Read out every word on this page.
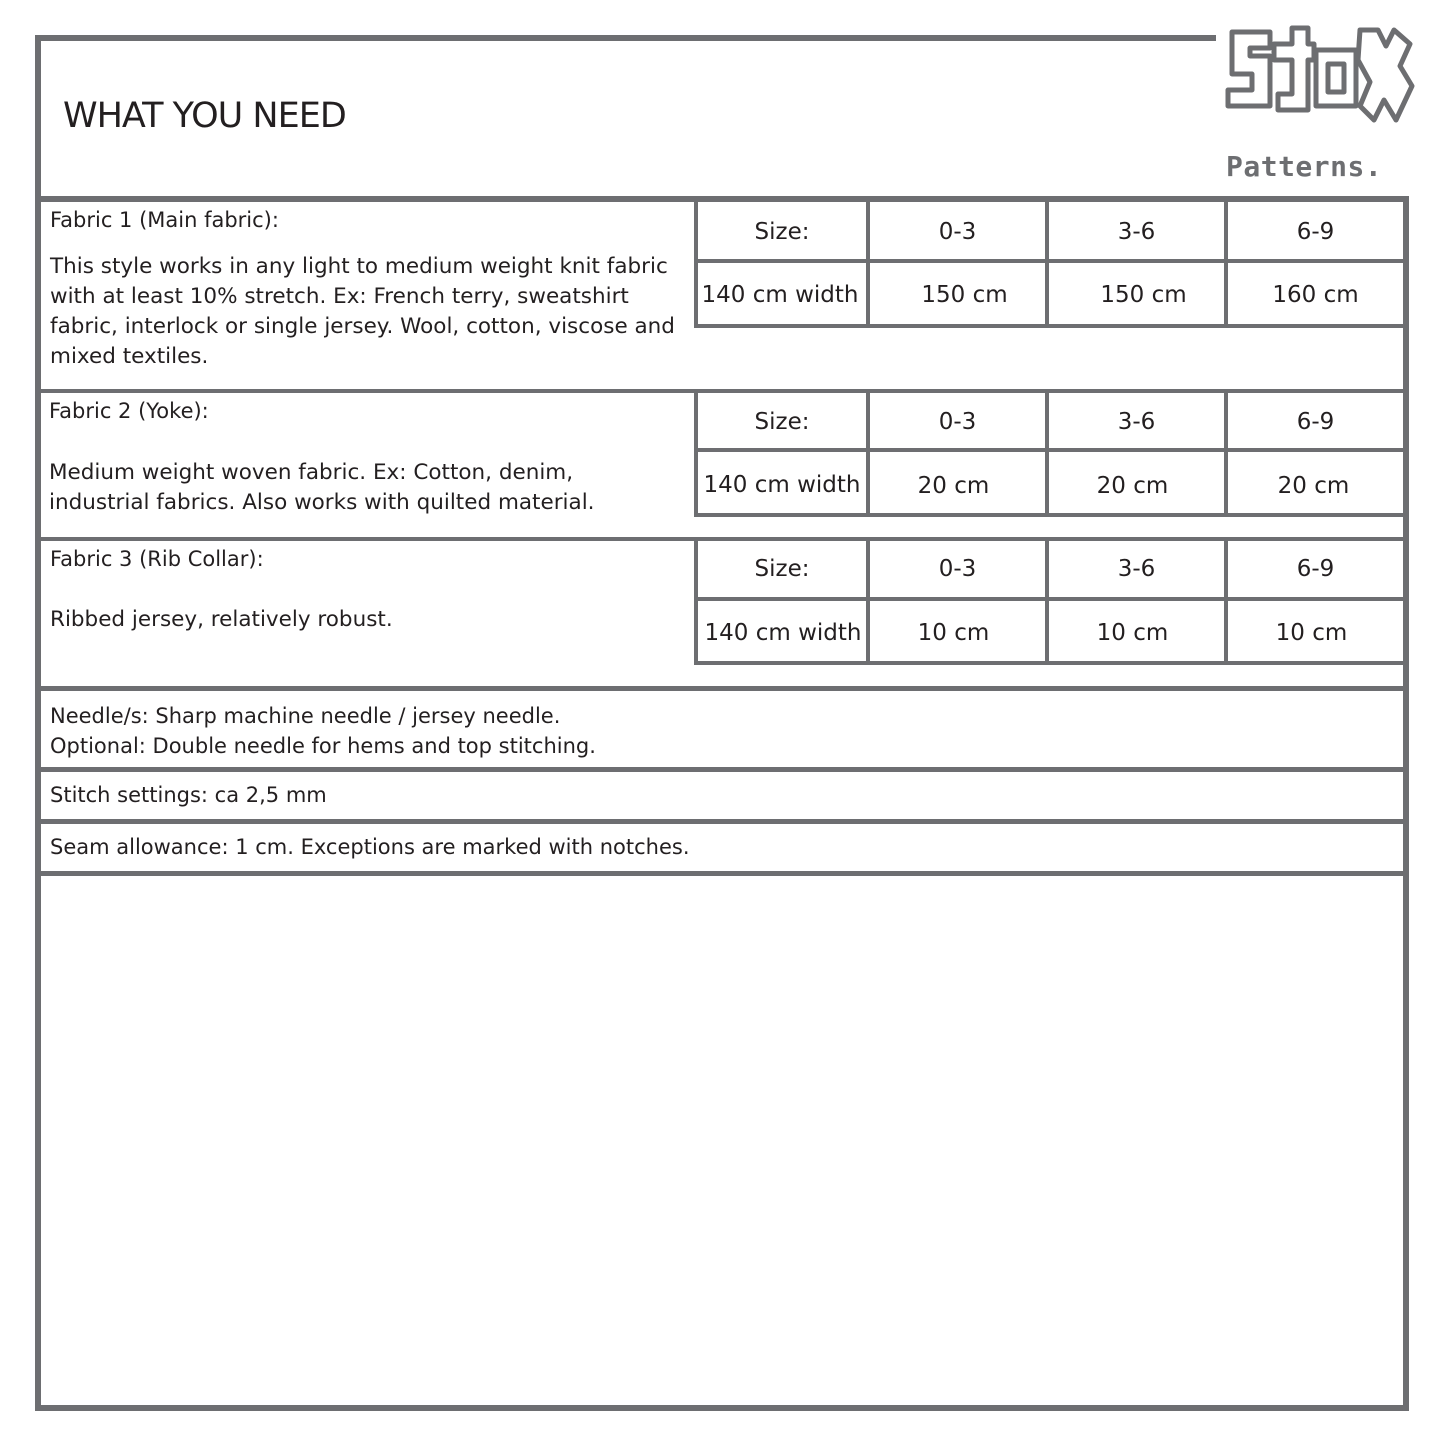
WHAT YOU NEED
Patterns.
Fabric 1 (Main fabric):
This style works in any light to medium weight knit fabric with at least 10% stretch. Ex: French terry, sweatshirt fabric, interlock or single jersey. Wool, cotton, viscose and mixed textiles.
Size:	0-3	3-6	6-9
140 cm width	150 cm	150 cm	160 cm
Fabric 2 (Yoke):
Medium weight woven fabric. Ex: Cotton, denim, industrial fabrics. Also works with quilted material.
Size:	0-3	3-6	6-9
140 cm width	20 cm	20 cm	20 cm
Fabric 3 (Rib Collar):
Ribbed jersey, relatively robust.
Size:	0-3	3-6	6-9
140 cm width	10 cm	10 cm	10 cm
Needle/s: Sharp machine needle / jersey needle.
Optional: Double needle for hems and top stitching.
Stitch settings: ca 2,5 mm
Seam allowance: 1 cm. Exceptions are marked with notches.
